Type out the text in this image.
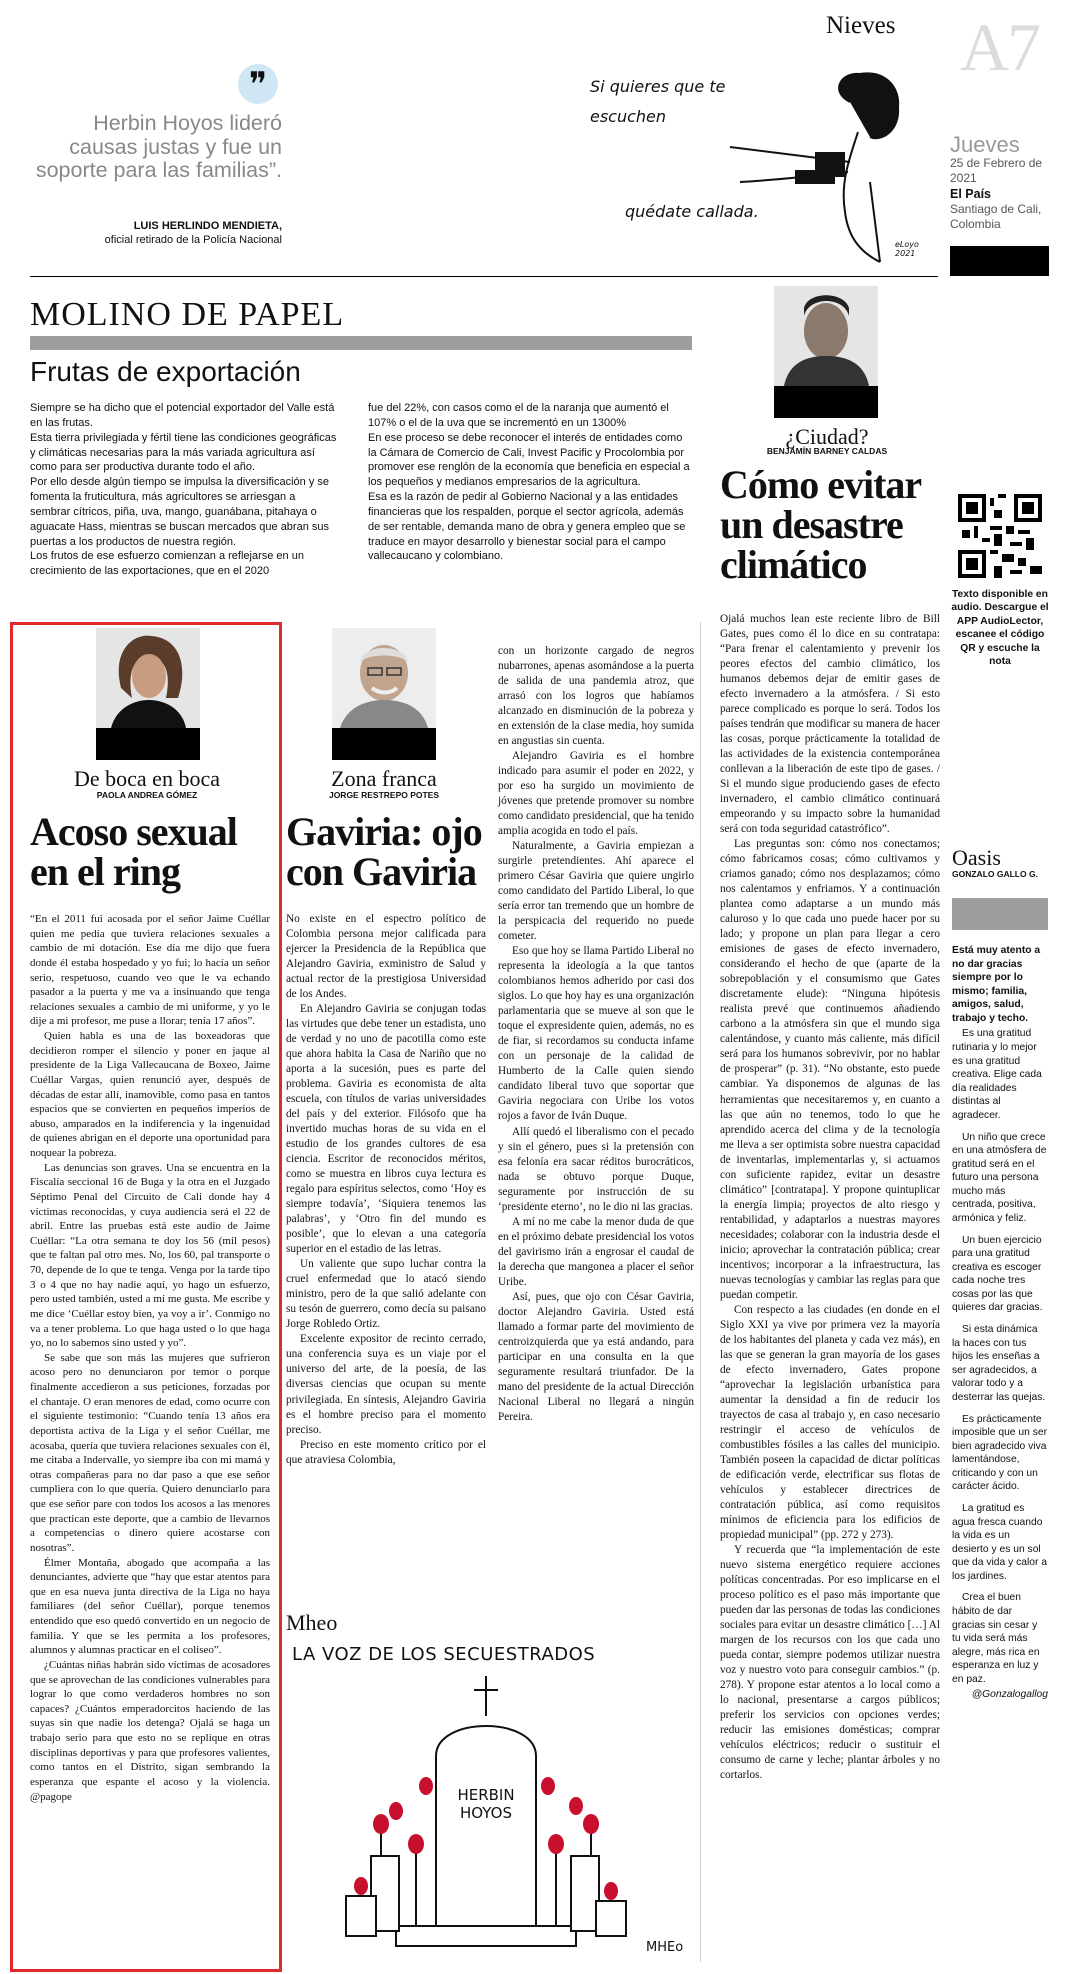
Nieves A7
Jueves
25 de Febrero de 2021
El País
Santiago de Cali, Colombia
❞
Herbin Hoyos lideró causas justas y fue un soporte para las familias”.
LUIS HERLINDO MENDIETA,
oficial retirado de la Policía Nacional
Si quieres que te escuchen
quédate callada.
eLoyo 2021
MOLINO DE PAPEL
Frutas de exportación
Siempre se ha dicho que el potencial exportador del Valle está en las frutas.
Esta tierra privilegiada y fértil tiene las condiciones geográficas y climáticas necesarias para la más variada agricultura así como para ser productiva durante todo el año.
Por ello desde algún tiempo se impulsa la diversificación y se fomenta la fruticultura, más agricultores se arriesgan a sembrar cítricos, piña, uva, mango, guanábana, pitahaya o aguacate Hass, mientras se buscan mercados que abran sus puertas a los productos de nuestra región.
Los frutos de ese esfuerzo comienzan a reflejarse en un crecimiento de las exportaciones, que en el 2020
fue del 22%, con casos como el de la naranja que aumentó el 107% o el de la uva que se incrementó en un 1300%
En ese proceso se debe reconocer el interés de entidades como la Cámara de Comercio de Cali, Invest Pacific y Procolombia por promover ese renglón de la economía que beneficia en especial a los pequeños y medianos empresarios de la agricultura.
Esa es la razón de pedir al Gobierno Nacional y a las entidades financieras que los respalden, porque el sector agrícola, además de ser rentable, demanda mano de obra y genera empleo que se traduce en mayor desarrollo y bienestar social para el campo vallecaucano y colombiano.
¿Ciudad?
BENJAMÍN BARNEY CALDAS
Cómo evitar un desastre climático

Ojalá muchos lean este reciente libro de Bill Gates, pues como él lo dice en su contratapa: “Para frenar el calentamiento y prevenir los peores efectos del cambio climático, los humanos debemos dejar de emitir gases de efecto invernadero a la atmósfera. / Si esto parece complicado es porque lo será. Todos los países tendrán que modificar su manera de hacer las cosas, porque prácticamente la totalidad de las actividades de la existencia contemporánea conllevan a la liberación de este tipo de gases. / Si el mundo sigue produciendo gases de efecto invernadero, el cambio climático continuará empeorando y su impacto sobre la humanidad será con toda seguridad catastrófico”.

Las preguntas son: cómo nos conectamos; cómo fabricamos cosas; cómo cultivamos y criamos ganado; cómo nos desplazamos; cómo nos calentamos y enfriamos. Y a continuación plantea como adaptarse a un mundo más caluroso y lo que cada uno puede hacer por su lado; y propone un plan para llegar a cero emisiones de gases de efecto invernadero, considerando el hecho de que (aparte de la sobrepoblación y el consumismo que Gates discretamente elude): “Ninguna hipótesis realista prevé que continuemos añadiendo carbono a la atmósfera sin que el mundo siga calentándose, y cuanto más caliente, más difícil será para los humanos sobrevivir, por no hablar de prosperar” (p. 31). “No obstante, esto puede cambiar. Ya disponemos de algunas de las herramientas que necesitaremos y, en cuanto a las que aún no tenemos, todo lo que he aprendido acerca del clima y de la tecnología me lleva a ser optimista sobre nuestra capacidad de inventarlas, implementarlas y, si actuamos con suficiente rapidez, evitar un desastre climático” [contratapa]. Y propone quintuplicar la energía limpia; proyectos de alto riesgo y rentabilidad, y adaptarlos a nuestras mayores necesidades; colaborar con la industria desde el inicio; aprovechar la contratación pública; crear incentivos; incorporar a la infraestructura, las nuevas tecnologías y cambiar las reglas para que puedan competir.

Con respecto a las ciudades (en donde en el Siglo XXI ya vive por primera vez la mayoría de los habitantes del planeta y cada vez más), en las que se generan la gran mayoría de los gases de efecto invernadero, Gates propone “aprovechar la legislación urbanística para aumentar la densidad a fin de reducir los trayectos de casa al trabajo y, en caso necesario restringir el acceso de vehículos de combustibles fósiles a las calles del municipio. También poseen la capacidad de dictar políticas de edificación verde, electrificar sus flotas de vehículos y establecer directrices de contratación pública, así como requisitos mínimos de eficiencia para los edificios de propiedad municipal” (pp. 272 y 273).

Y recuerda que “la implementación de este nuevo sistema energético requiere acciones políticas concentradas. Por eso implicarse en el proceso político es el paso más importante que pueden dar las personas de todas las condiciones sociales para evitar un desastre climático […] Al margen de los recursos con los que cada uno pueda contar, siempre podemos utilizar nuestra voz y nuestro voto para conseguir cambios.” (p. 278). Y propone estar atentos a lo local como a lo nacional, presentarse a cargos públicos; preferir los servicios con opciones verdes; reducir las emisiones domésticas; comprar vehículos eléctricos; reducir o sustituir el consumo de carne y leche; plantar árboles y no cortarlos.

Texto disponible en audio. Descargue el APP AudioLector, escanee el código QR y escuche la nota
Oasis
GONZALO GALLO G.
Está muy atento a no dar gracias siempre por lo mismo; familia, amigos, salud, trabajo y techo.
Es una gratitud rutinaria y lo mejor es una gratitud creativa. Elige cada día realidades distintas al agradecer.
Un niño que crece en una atmósfera de gratitud será en el futuro una persona mucho más centrada, positiva, armónica y feliz.
Un buen ejercicio para una gratitud creativa es escoger cada noche tres cosas por las que quieres dar gracias.
Si esta dinámica la haces con tus hijos les enseñas a ser agradecidos, a valorar todo y a desterrar las quejas.
Es prácticamente imposible que un ser bien agradecido viva lamentándose, criticando y con un carácter ácido.
La gratitud es agua fresca cuando la vida es un desierto y es un sol que da vida y calor a los jardines.
Crea el buen hábito de dar gracias sin cesar y tu vida será más alegre, más rica en esperanza en luz y en paz.
@Gonzalogallog
De boca en boca
PAOLA ANDREA GÓMEZ
Acoso sexual en el ring

“En el 2011 fui acosada por el señor Jaime Cuéllar quien me pedía que tuviera relaciones sexuales a cambio de mi dotación. Ese día me dijo que fuera donde él estaba hospedado y yo fui; lo hacía un señor serio, respetuoso, cuando veo que le va echando pasador a la puerta y me va a insinuando que tenga relaciones sexuales a cambio de mi uniforme, y yo le dije a mi profesor, me puse a llorar; tenía 17 años”.

Quien habla es una de las boxeadoras que decidieron romper el silencio y poner en jaque al presidente de la Liga Vallecaucana de Boxeo, Jaime Cuéllar Vargas, quien renunció ayer, después de décadas de estar allí, inamovible, como pasa en tantos espacios que se convierten en pequeños imperios de abuso, amparados en la indiferencia y la ingenuidad de quienes abrigan en el deporte una oportunidad para noquear la pobreza.

Las denuncias son graves. Una se encuentra en la Fiscalía seccional 16 de Buga y la otra en el Juzgado Séptimo Penal del Circuito de Cali donde hay 4 víctimas reconocidas, y cuya audiencia será el 22 de abril. Entre las pruebas está este audio de Jaime Cuéllar: “La otra semana te doy los 56 (mil pesos) que te faltan pal otro mes. No, los 60, pal transporte o 70, depende de lo que te tenga. Venga por la tarde tipo 3 o 4 que no hay nadie aquí, yo hago un esfuerzo, pero usted también, usted a mí me gusta. Me escribe y me dice ‘Cuéllar estoy bien, ya voy a ir’. Conmigo no va a tener problema. Lo que haga usted o lo que haga yo, no lo sabemos sino usted y yo”.

Se sabe que son más las mujeres que sufrieron acoso pero no denunciaron por temor o porque finalmente accedieron a sus peticiones, forzadas por el chantaje. O eran menores de edad, como ocurre con el siguiente testimonio: “Cuando tenía 13 años era deportista activa de la Liga y el señor Cuéllar, me acosaba, quería que tuviera relaciones sexuales con él, me citaba a Indervalle, yo siempre iba con mi mamá y otras compañeras para no dar paso a que ese señor cumpliera con lo que quería. Quiero denunciarlo para que ese señor pare con todos los acosos a las menores que practican este deporte, que a cambio de llevarnos a competencias o dinero quiere acostarse con nosotras”.

Élmer Montaña, abogado que acompaña a las denunciantes, advierte que “hay que estar atentos para que en esa nueva junta directiva de la Liga no haya familiares (del señor Cuéllar), porque tenemos entendido que eso quedó convertido en un negocio de familia. Y que se les permita a los profesores, alumnos y alumnas practicar en el coliseo”.

¿Cuántas niñas habrán sido víctimas de acosadores que se aprovechan de las condiciones vulnerables para lograr lo que como verdaderos hombres no son capaces? ¿Cuántos emperadorcitos haciendo de las suyas sin que nadie los detenga? Ojalá se haga un trabajo serio para que esto no se replique en otras disciplinas deportivas y para que profesores valientes, como tantos en el Distrito, sigan sembrando la esperanza que espante el acoso y la violencia. @pagope

Zona franca
JORGE RESTREPO POTES
Gaviria: ojo con Gaviria

No existe en el espectro político de Colombia persona mejor calificada para ejercer la Presidencia de la República que Alejandro Gaviria, exministro de Salud y actual rector de la prestigiosa Universidad de los Andes.

En Alejandro Gaviria se conjugan todas las virtudes que debe tener un estadista, uno de verdad y no uno de pacotilla como este que ahora habita la Casa de Nariño que no aporta a la sucesión, pues es parte del problema. Gaviria es economista de alta escuela, con títulos de varias universidades del país y del exterior. Filósofo que ha invertido muchas horas de su vida en el estudio de los grandes cultores de esa ciencia. Escritor de reconocidos méritos, como se muestra en libros cuya lectura es regalo para espíritus selectos, como ‘Hoy es siempre todavía’, ‘Siquiera tenemos las palabras’, y ‘Otro fin del mundo es posible’, que lo elevan a una categoría superior en el estadio de las letras.

Un valiente que supo luchar contra la cruel enfermedad que lo atacó siendo ministro, pero de la que salió adelante con su tesón de guerrero, como decía su paisano Jorge Robledo Ortiz.

Excelente expositor de recinto cerrado, una conferencia suya es un viaje por el universo del arte, de la poesía, de las diversas ciencias que ocupan su mente privilegiada. En síntesis, Alejandro Gaviria es el hombre preciso para el momento preciso.

Preciso en este momento crítico por el que atraviesa Colombia,

con un horizonte cargado de negros nubarrones, apenas asomándose a la puerta de salida de una pandemia atroz, que arrasó con los logros que habíamos alcanzado en disminución de la pobreza y en extensión de la clase media, hoy sumida en angustias sin cuenta.

Alejandro Gaviria es el hombre indicado para asumir el poder en 2022, y por eso ha surgido un movimiento de jóvenes que pretende promover su nombre como candidato presidencial, que ha tenido amplia acogida en todo el país.

Naturalmente, a Gaviria empiezan a surgirle pretendientes. Ahí aparece el primero César Gaviria que quiere ungirlo como candidato del Partido Liberal, lo que sería error tan tremendo que un hombre de la perspicacia del requerido no puede cometer.

Eso que hoy se llama Partido Liberal no representa la ideología a la que tantos colombianos hemos adherido por casi dos siglos. Lo que hoy hay es una organización parlamentaria que se mueve al son que le toque el expresidente quien, además, no es de fiar, si recordamos su conducta infame con un personaje de la calidad de Humberto de la Calle quien siendo candidato liberal tuvo que soportar que Gaviria negociara con Uribe los votos rojos a favor de Iván Duque.

Allí quedó el liberalismo con el pecado y sin el género, pues si la pretensión con esa felonía era sacar réditos burocráticos, nada se obtuvo porque Duque, seguramente por instrucción de su ‘presidente eterno’, no le dio ni las gracias.

A mí no me cabe la menor duda de que en el próximo debate presidencial los votos del gavirismo irán a engrosar el caudal de la derecha que mangonea a placer el señor Uribe.

Así, pues, que ojo con César Gaviria, doctor Alejandro Gaviria. Usted está llamado a formar parte del movimiento de centroizquierda que ya está andando, para participar en una consulta en la que seguramente resultará triunfador. De la mano del presidente de la actual Dirección Nacional Liberal no llegará a ningún Pereira.

Mheo
LA VOZ DE LOS SECUESTRADOS
HERBIN HOYOS
MHEo
